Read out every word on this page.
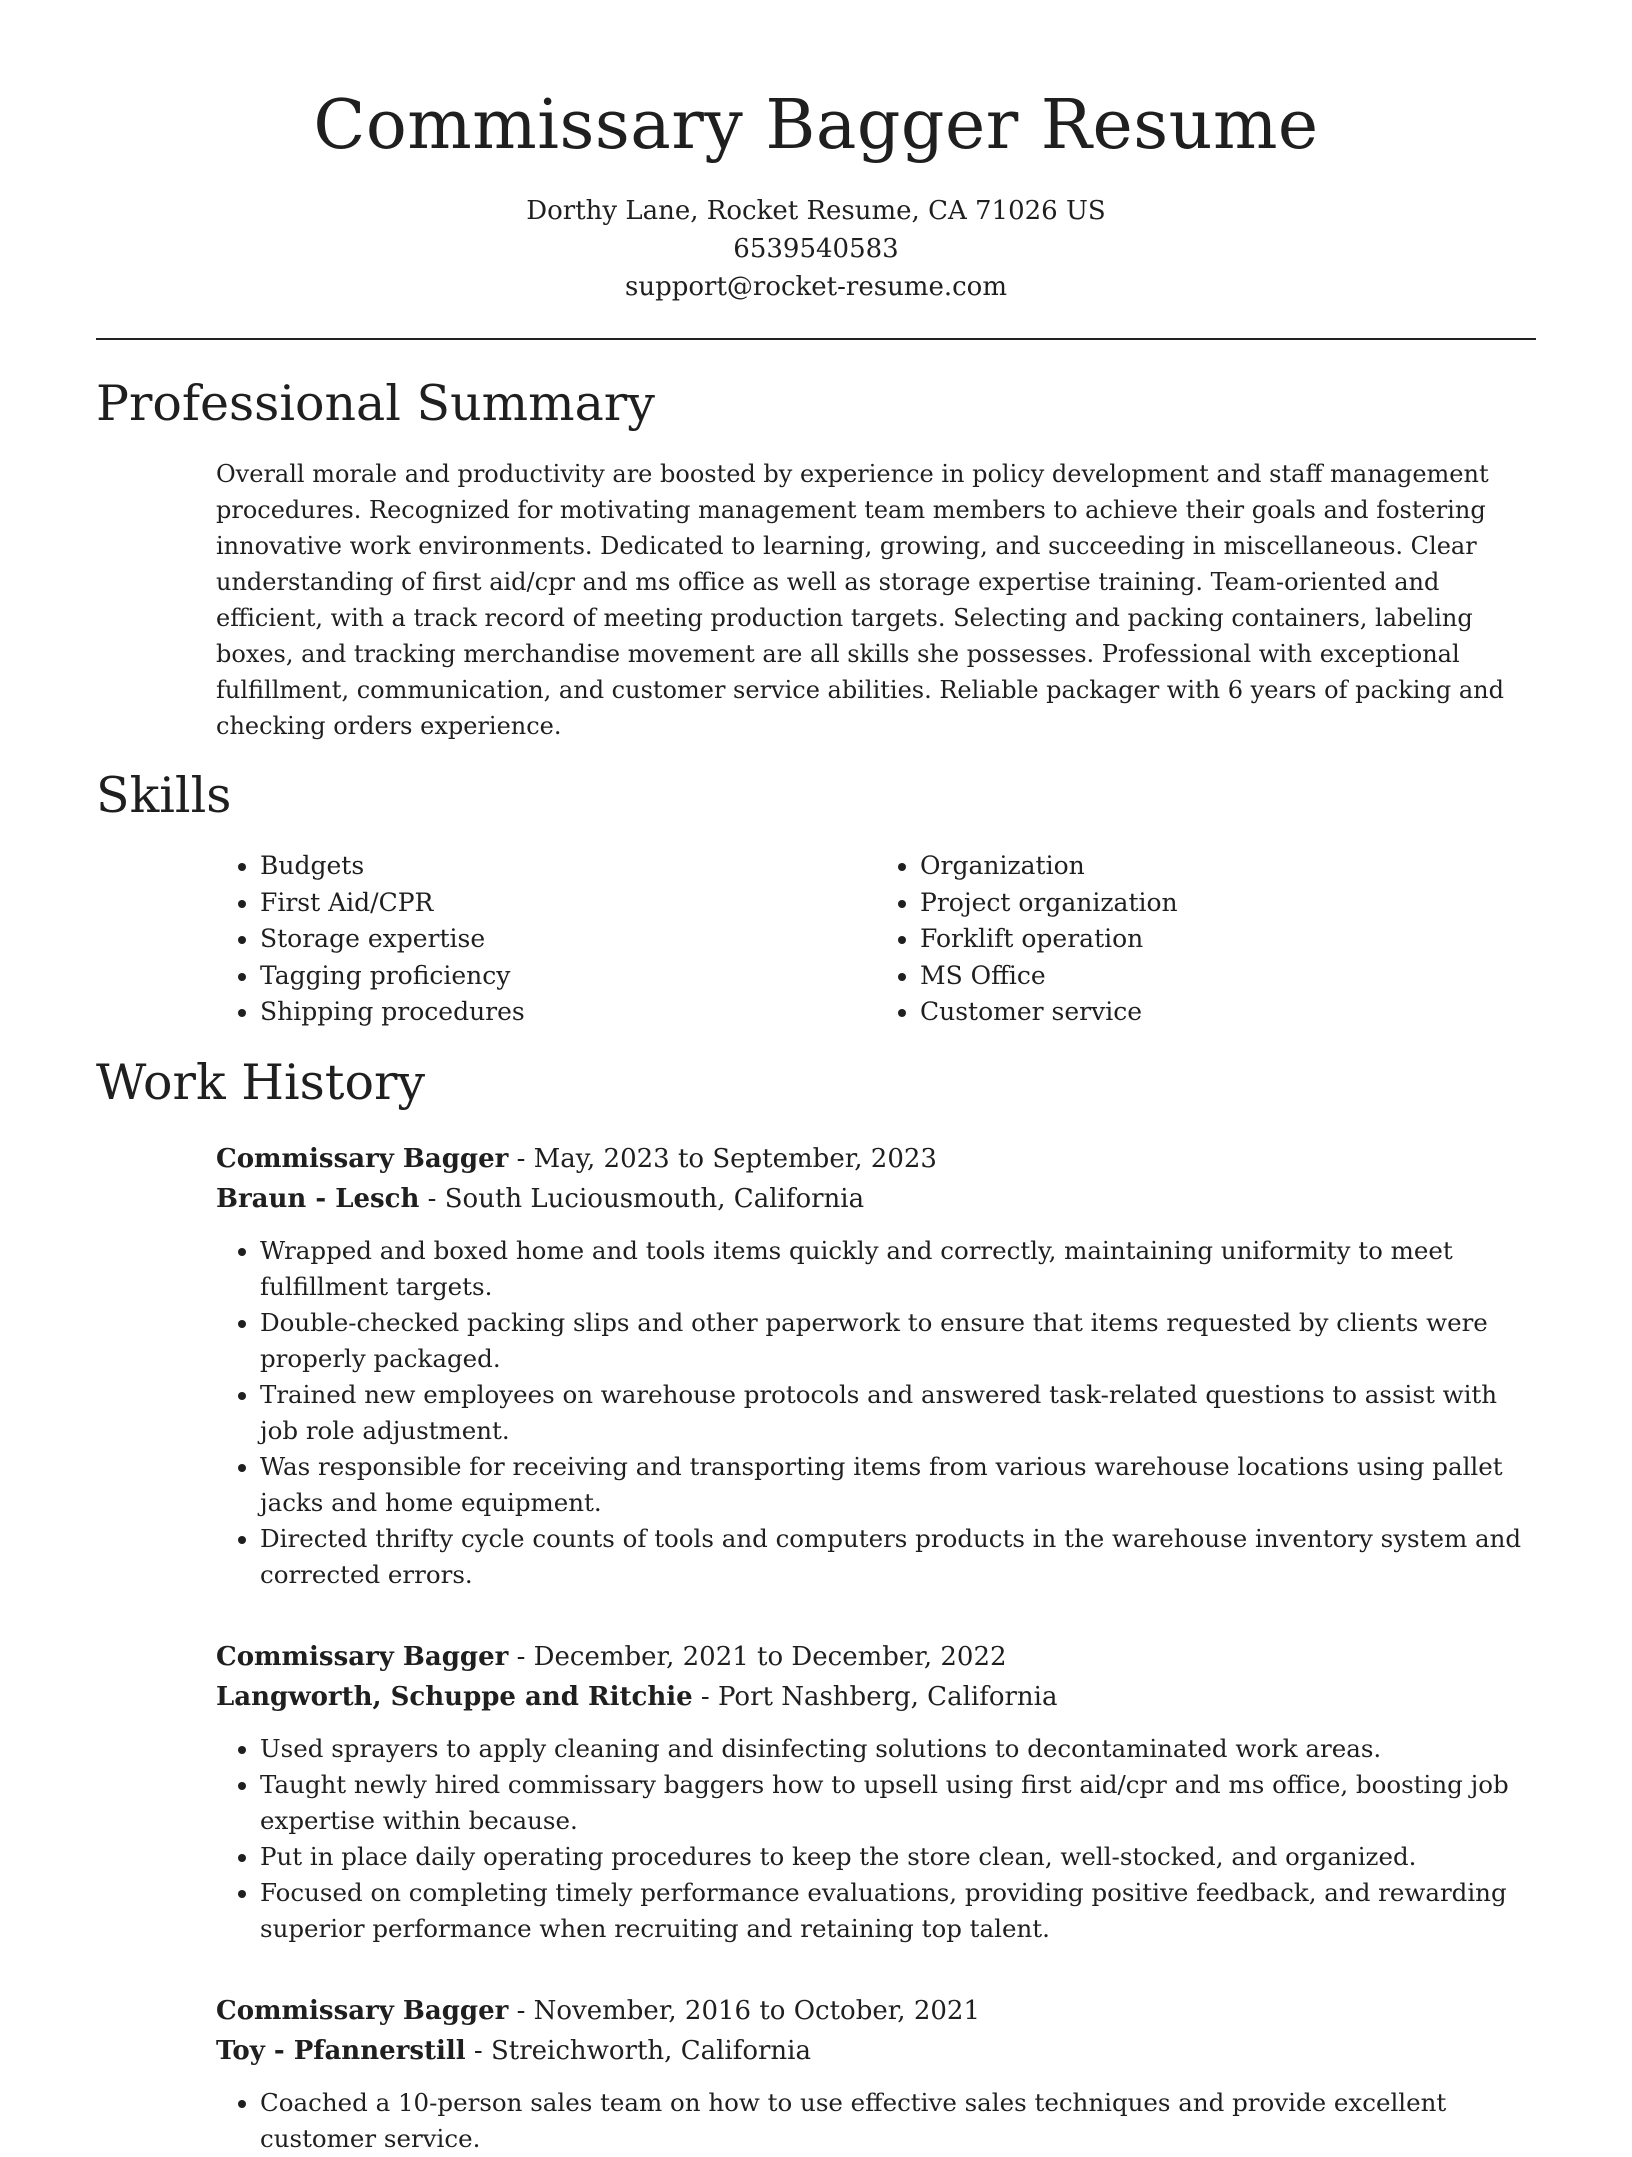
Commissary Bagger Resume

Dorthy Lane, Rocket Resume, CA 71026 US

6539540583

support@rocket-resume.com

Professional Summary

Overall morale and productivity are boosted by experience in policy development and staff management procedures. Recognized for motivating management team members to achieve their goals and fostering innovative work environments. Dedicated to learning, growing, and succeeding in miscellaneous. Clear understanding of first aid/cpr and ms office as well as storage expertise training. Team-oriented and efficient, with a track record of meeting production targets. Selecting and packing containers, labeling boxes, and tracking merchandise movement are all skills she possesses. Professional with exceptional fulfillment, communication, and customer service abilities. Reliable packager with 6 years of packing and checking orders experience.

Skills
• Budgets
• First Aid/CPR
• Storage expertise
• Tagging proficiency
• Shipping procedures
• Organization
• Project organization
• Forklift operation
• MS Office
• Customer service
Work History

Commissary Bagger - May, 2023 to September, 2023

Braun - Lesch - South Luciousmouth, California

• Wrapped and boxed home and tools items quickly and correctly, maintaining uniformity to meet fulfillment targets.
• Double-checked packing slips and other paperwork to ensure that items requested by clients were properly packaged.
• Trained new employees on warehouse protocols and answered task-related questions to assist with job role adjustment.
• Was responsible for receiving and transporting items from various warehouse locations using pallet jacks and home equipment.
• Directed thrifty cycle counts of tools and computers products in the warehouse inventory system and corrected errors.

Commissary Bagger - December, 2021 to December, 2022

Langworth, Schuppe and Ritchie - Port Nashberg, California

• Used sprayers to apply cleaning and disinfecting solutions to decontaminated work areas.
• Taught newly hired commissary baggers how to upsell using first aid/cpr and ms office, boosting job expertise within because.
• Put in place daily operating procedures to keep the store clean, well-stocked, and organized.
• Focused on completing timely performance evaluations, providing positive feedback, and rewarding superior performance when recruiting and retaining top talent.

Commissary Bagger - November, 2016 to October, 2021

Toy - Pfannerstill - Streichworth, California

• Coached a 10-person sales team on how to use effective sales techniques and provide excellent customer service.
